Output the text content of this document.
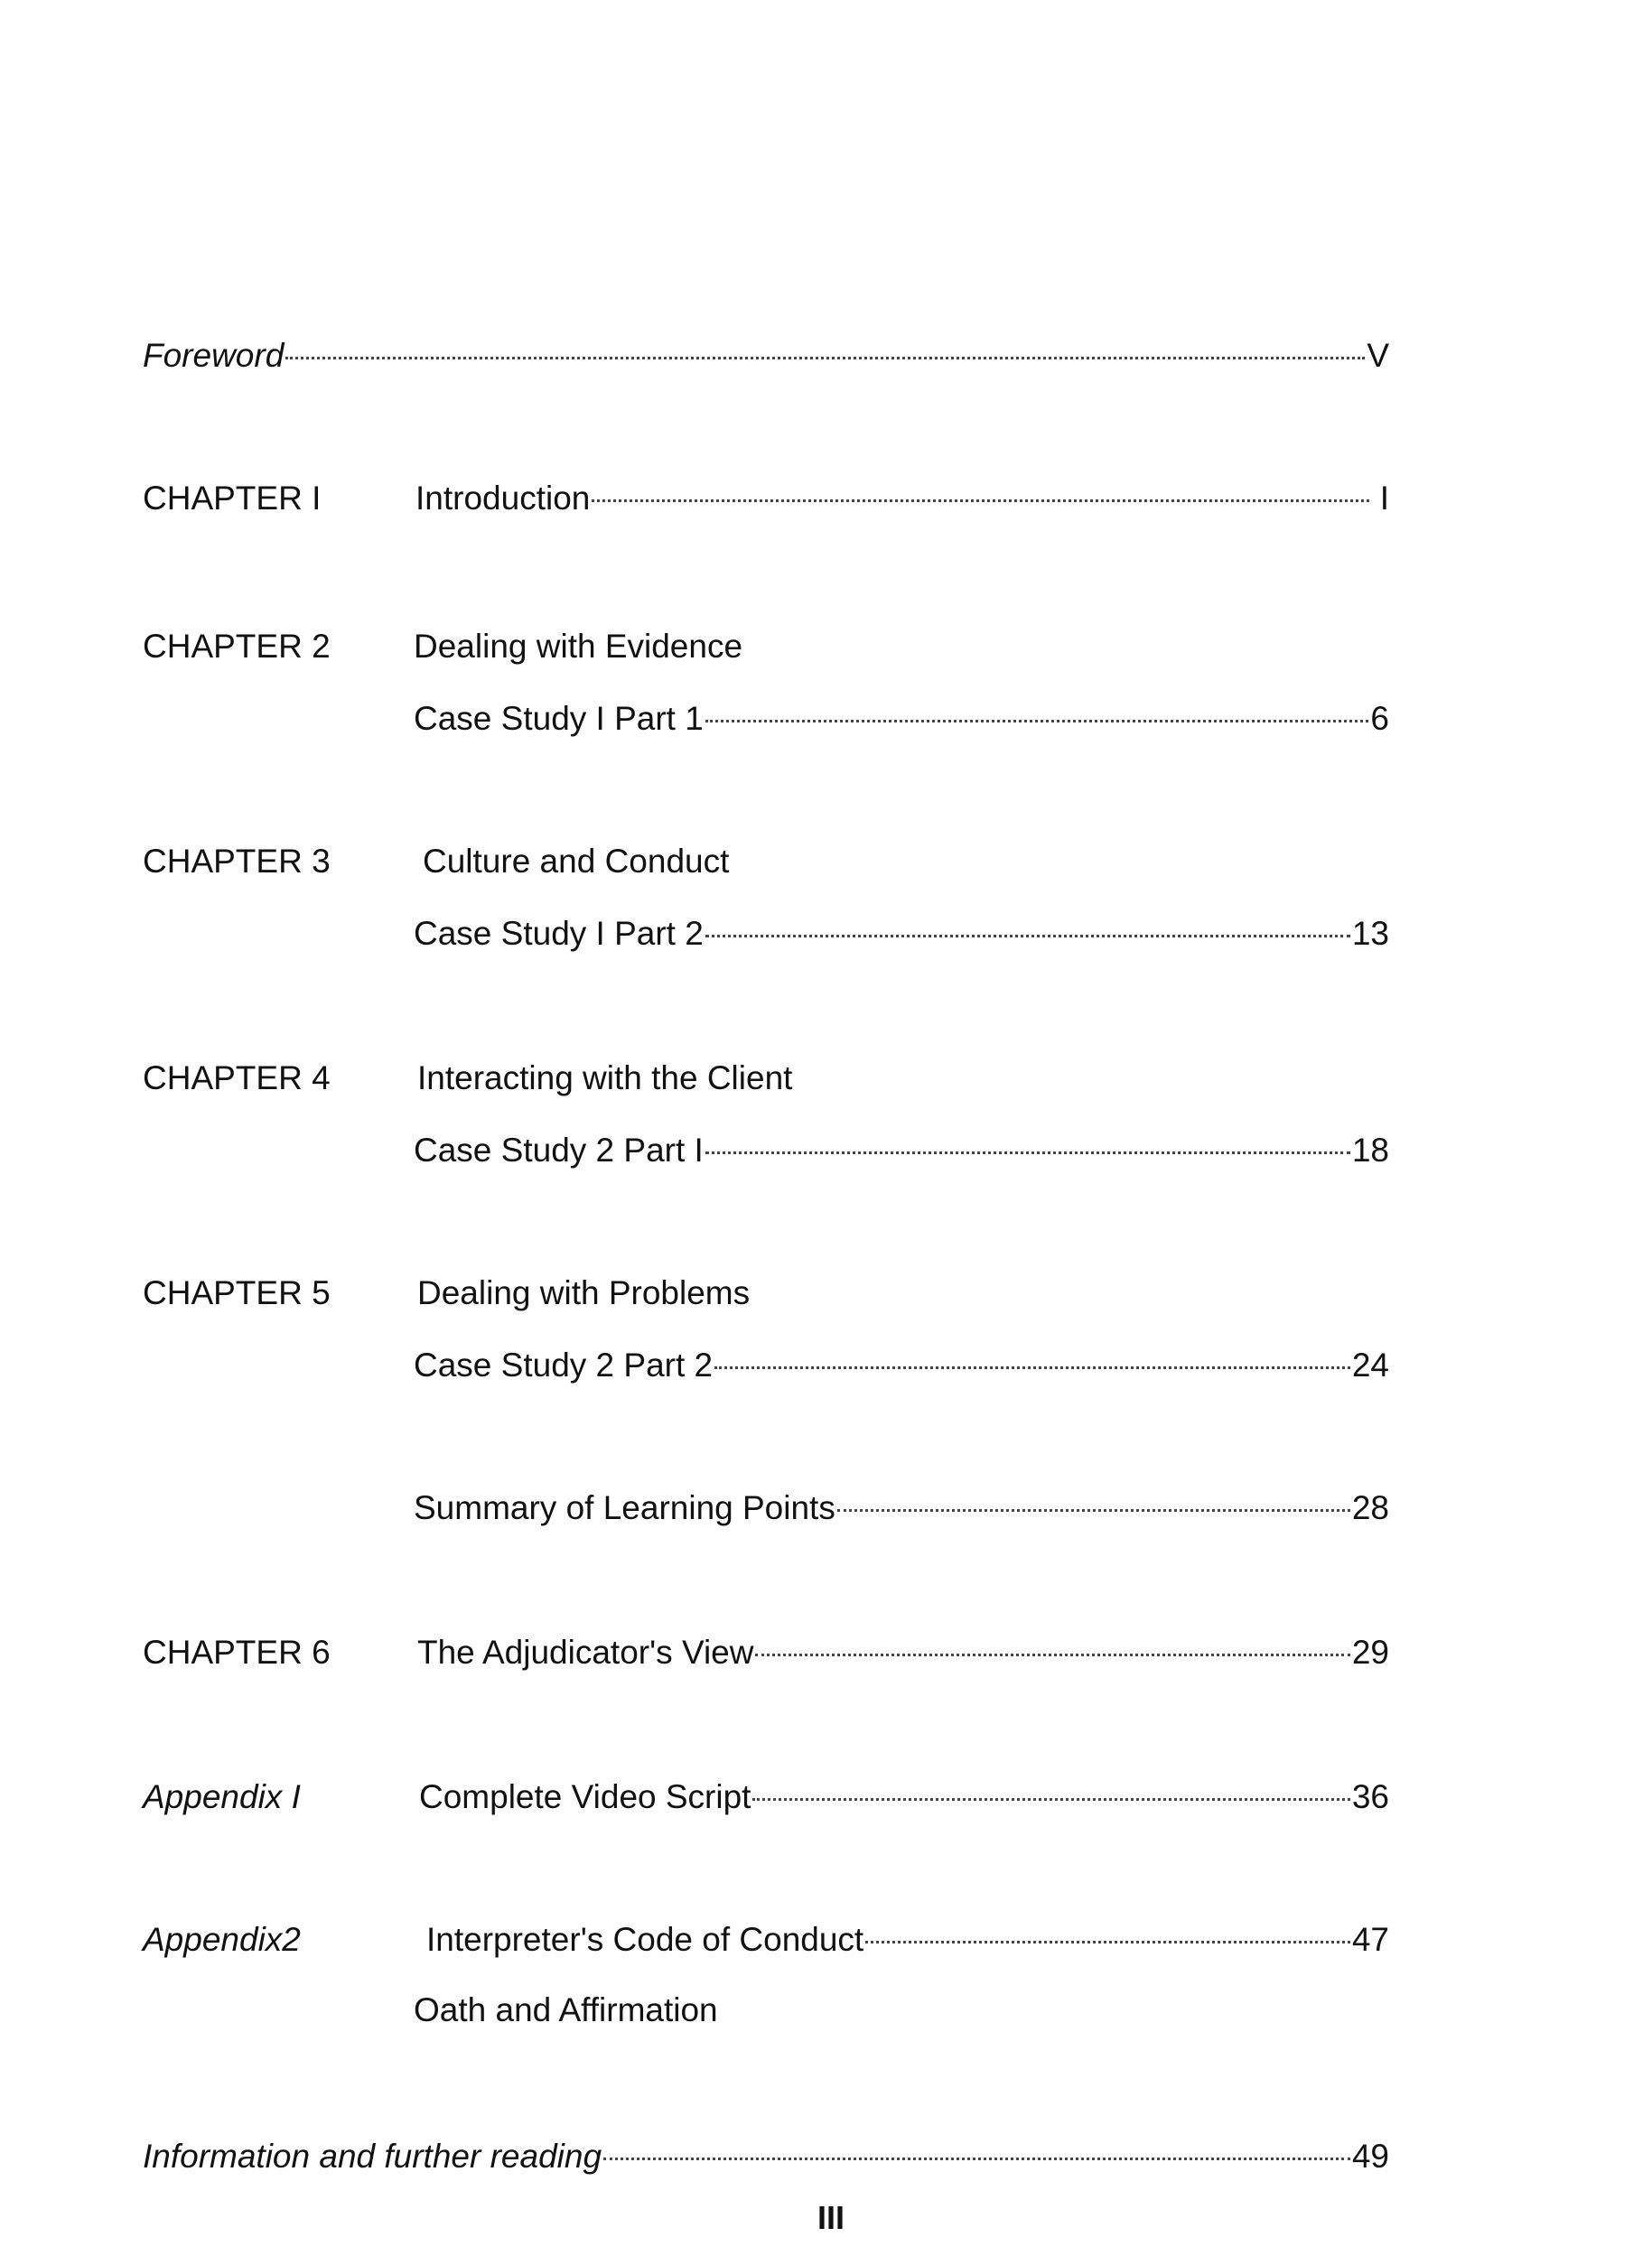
Foreword	V
CHAPTER I	Introduction	I
CHAPTER 2 Dealing with Evidence
Case Study I Part 1	6
CHAPTER 3	Culture and Conduct
Case Study I Part 2	13
CHAPTER 4	Interacting with the Client
Case Study 2 Part I	18
CHAPTER 5	Dealing with Problems
Case Study 2 Part 2	24
Summary of Learning Points	28
CHAPTER 6	The Adjudicator's View	29
Appendix I	Complete Video Script	36
Appendix2	Interpreter's Code of Conduct	47
Oath and Affirmation
Information and further reading	49
III
